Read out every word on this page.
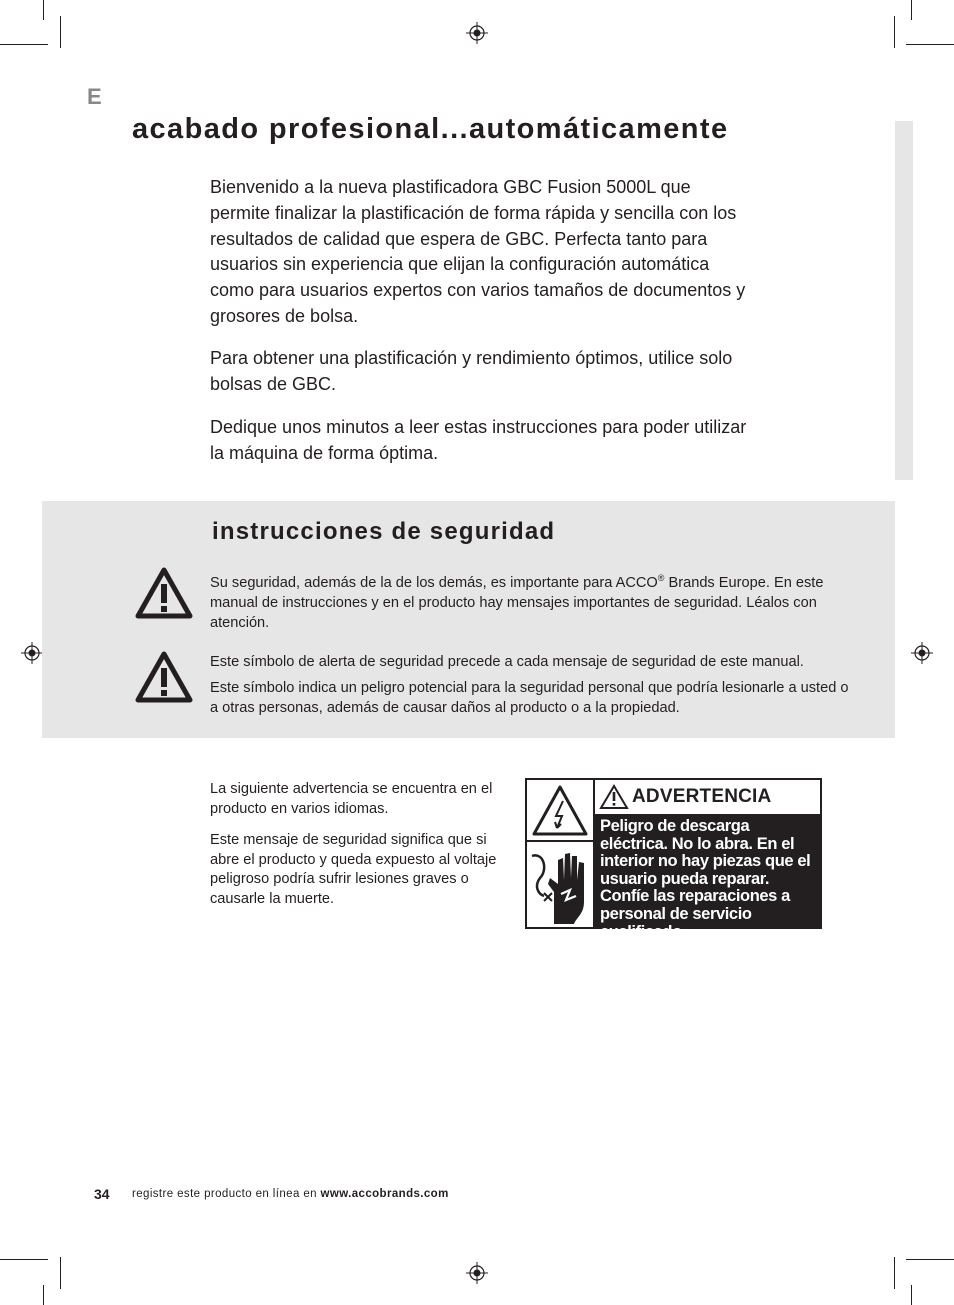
E
acabado profesional...automáticamente

Bienvenido a la nueva plastificadora GBC Fusion 5000L que permite finalizar la plastificación de forma rápida y sencilla con los resultados de calidad que espera de GBC. Perfecta tanto para usuarios sin experiencia que elijan la configuración automática como para usuarios expertos con varios tamaños de documentos y grosores de bolsa.

Para obtener una plastificación y rendimiento óptimos, utilice solo bolsas de GBC.

Dedique unos minutos a leer estas instrucciones para poder utilizar la máquina de forma óptima.

instrucciones de seguridad

Su seguridad, además de la de los demás, es importante para ACCO® Brands Europe. En este manual de instrucciones y en el producto hay mensajes importantes de seguridad. Léalos con atención.

Este símbolo de alerta de seguridad precede a cada mensaje de seguridad de este manual.

Este símbolo indica un peligro potencial para la seguridad personal que podría lesionarle a usted o a otras personas, además de causar daños al producto o a la propiedad.

La siguiente advertencia se encuentra en el producto en varios idiomas.

Este mensaje de seguridad significa que si abre el producto y queda expuesto al voltaje peligroso podría sufrir lesiones graves o causarle la muerte.

ADVERTENCIA
Peligro de descarga eléctrica. No lo abra. En el interior no hay piezas que el usuario pueda reparar. Confíe las reparaciones a personal de servicio cualificado.
34 registre este producto en línea en www.accobrands.com
